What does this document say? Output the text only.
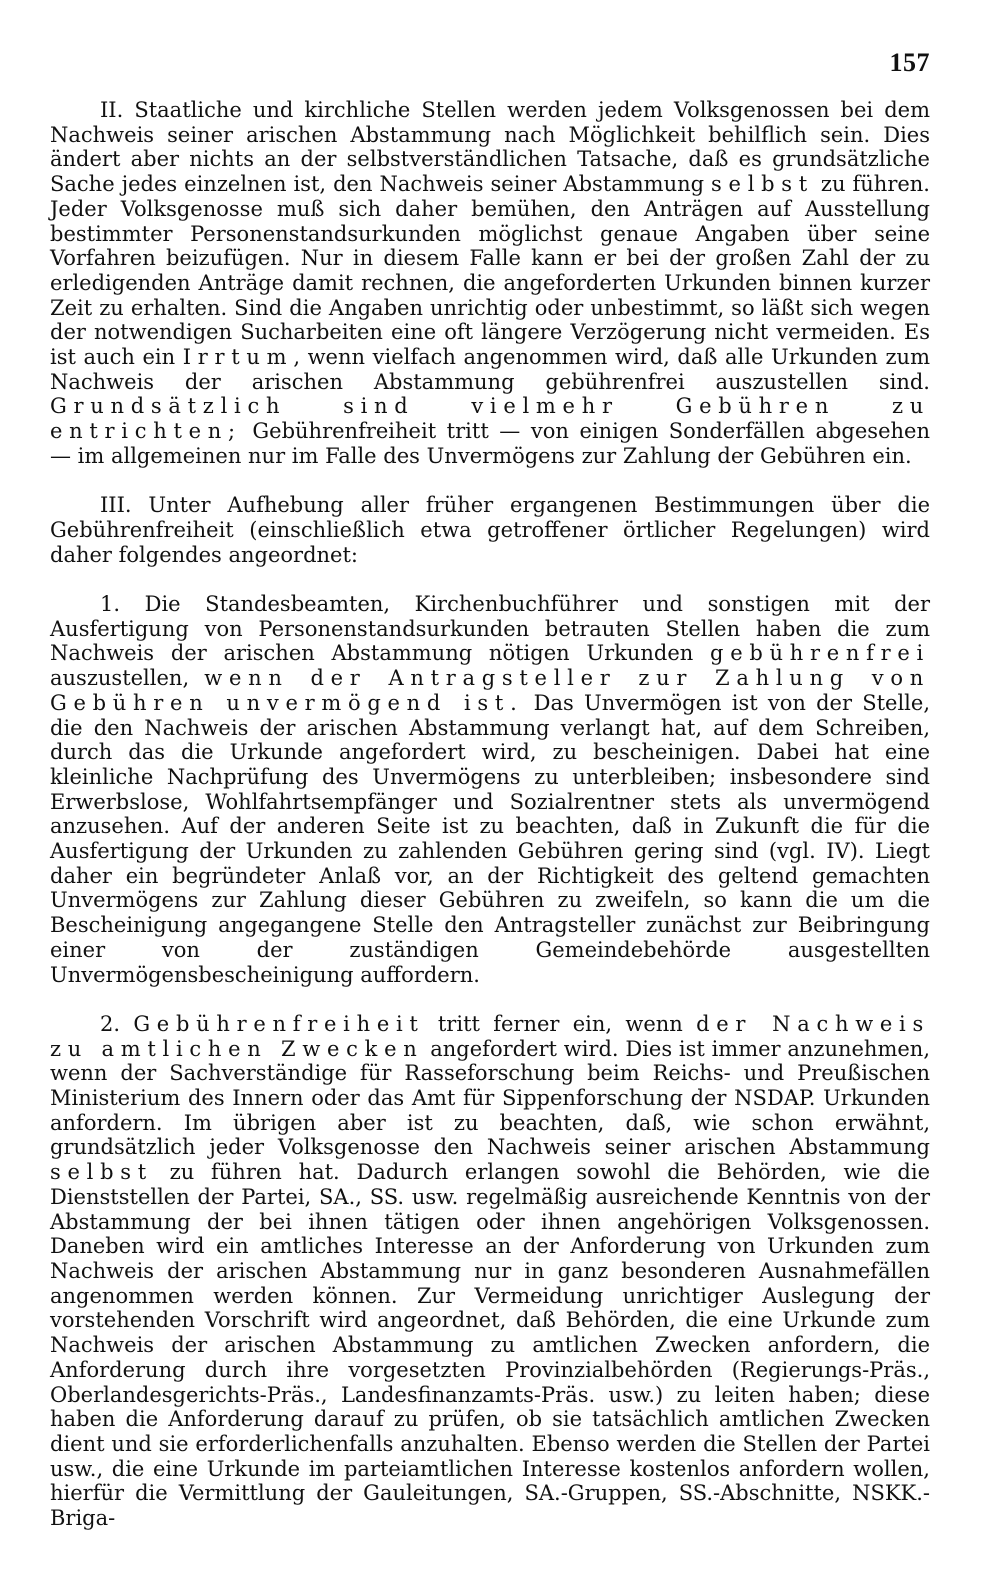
157

II. Staatliche und kirchliche Stellen werden jedem Volksgenossen bei dem Nachweis seiner arischen Abstammung nach Möglichkeit behilflich sein. Dies ändert aber nichts an der selbstverständlichen Tatsache, daß es grundsätzliche Sache jedes einzelnen ist, den Nachweis seiner Abstammung selbst zu führen. Jeder Volksgenosse muß sich daher bemühen, den Anträgen auf Ausstellung bestimmter Personenstandsurkunden möglichst genaue Angaben über seine Vorfahren beizufügen. Nur in diesem Falle kann er bei der großen Zahl der zu erledigenden Anträge damit rechnen, die angeforderten Urkunden binnen kurzer Zeit zu erhalten. Sind die Angaben unrichtig oder unbestimmt, so läßt sich wegen der notwendigen Sucharbeiten eine oft längere Verzögerung nicht vermeiden. Es ist auch ein Irrtum, wenn vielfach angenommen wird, daß alle Urkunden zum Nachweis der arischen Abstammung gebührenfrei auszustellen sind. Grundsätzlich sind vielmehr Gebühren zu entrichten; Gebührenfreiheit tritt — von einigen Sonderfällen abgesehen — im allgemeinen nur im Falle des Unvermögens zur Zahlung der Gebühren ein.

III. Unter Aufhebung aller früher ergangenen Bestimmungen über die Gebührenfreiheit (einschließlich etwa getroffener örtlicher Regelungen) wird daher folgendes angeordnet:

1. Die Standesbeamten, Kirchenbuchführer und sonstigen mit der Ausfertigung von Personenstandsurkunden betrauten Stellen haben die zum Nachweis der arischen Abstammung nötigen Urkunden gebührenfrei auszustellen, wenn der Antragsteller zur Zahlung von Gebühren unvermögend ist. Das Unvermögen ist von der Stelle, die den Nachweis der arischen Abstammung verlangt hat, auf dem Schreiben, durch das die Urkunde angefordert wird, zu bescheinigen. Dabei hat eine kleinliche Nachprüfung des Unvermögens zu unterbleiben; insbesondere sind Erwerbslose, Wohlfahrtsempfänger und Sozialrentner stets als unvermögend anzusehen. Auf der anderen Seite ist zu beachten, daß in Zukunft die für die Ausfertigung der Urkunden zu zahlenden Gebühren gering sind (vgl. IV). Liegt daher ein begründeter Anlaß vor, an der Richtigkeit des geltend gemachten Unvermögens zur Zahlung dieser Gebühren zu zweifeln, so kann die um die Bescheinigung angegangene Stelle den Antragsteller zunächst zur Beibringung einer von der zuständigen Gemeindebehörde ausgestellten Unvermögensbescheinigung auffordern.

2. Gebührenfreiheit tritt ferner ein, wenn der Nachweis zu amtlichen Zwecken angefordert wird. Dies ist immer anzunehmen, wenn der Sachverständige für Rasseforschung beim Reichs- und Preußischen Ministerium des Innern oder das Amt für Sippenforschung der NSDAP. Urkunden anfordern. Im übrigen aber ist zu beachten, daß, wie schon erwähnt, grundsätzlich jeder Volksgenosse den Nachweis seiner arischen Abstammung selbst zu führen hat. Dadurch erlangen sowohl die Behörden, wie die Dienststellen der Partei, SA., SS. usw. regelmäßig ausreichende Kenntnis von der Abstammung der bei ihnen tätigen oder ihnen angehörigen Volksgenossen. Daneben wird ein amtliches Interesse an der Anforderung von Urkunden zum Nachweis der arischen Abstammung nur in ganz besonderen Ausnahmefällen angenommen werden können. Zur Vermeidung unrichtiger Auslegung der vorstehenden Vorschrift wird angeordnet, daß Behörden, die eine Urkunde zum Nachweis der arischen Abstammung zu amtlichen Zwecken anfordern, die Anforderung durch ihre vorgesetzten Provinzialbehörden (Regierungs-Präs., Oberlandesgerichts-Präs., Landesfinanzamts-Präs. usw.) zu leiten haben; diese haben die Anforderung darauf zu prüfen, ob sie tatsächlich amtlichen Zwecken dient und sie erforderlichenfalls anzuhalten. Ebenso werden die Stellen der Partei usw., die eine Urkunde im parteiamtlichen Interesse kostenlos anfordern wollen, hierfür die Vermittlung der Gauleitungen, SA.-Gruppen, SS.-Abschnitte, NSKK.-Briga-
